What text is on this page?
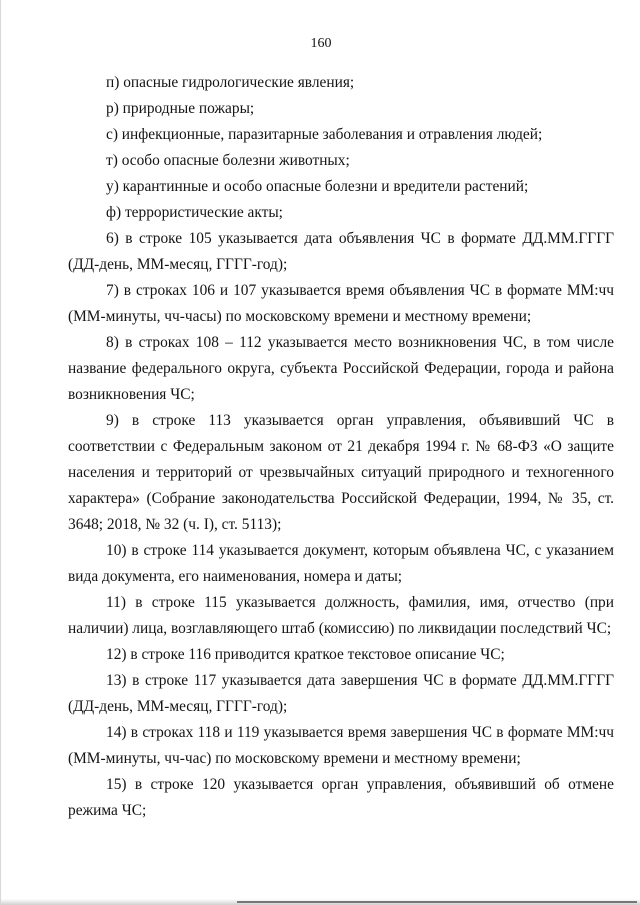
160

п) опасные гидрологические явления;

р) природные пожары;

с) инфекционные, паразитарные заболевания и отравления людей;

т) особо опасные болезни животных;

у) карантинные и особо опасные болезни и вредители растений;

ф) террористические акты;

6) в строке 105 указывается дата объявления ЧС в формате ДД.ММ.ГГГГ (ДД-день, ММ-месяц, ГГГГ-год);

7) в строках 106 и 107 указывается время объявления ЧС в формате ММ:чч (ММ-минуты, чч-часы) по московскому времени и местному времени;

8) в строках 108 – 112 указывается место возникновения ЧС, в том числе название федерального округа, субъекта Российской Федерации, города и района возникновения ЧС;

9) в строке 113 указывается орган управления, объявивший ЧС в соответствии с Федеральным законом от 21 декабря 1994 г. № 68-ФЗ «О защите населения и территорий от чрезвычайных ситуаций природного и техногенного характера» (Собрание законодательства Российской Федерации, 1994, № 35, ст. 3648; 2018, № 32 (ч. I), ст. 5113);

10) в строке 114 указывается документ, которым объявлена ЧС, с указанием вида документа, его наименования, номера и даты;

11) в строке 115 указывается должность, фамилия, имя, отчество (при наличии) лица, возглавляющего штаб (комиссию) по ликвидации последствий ЧС;

12) в строке 116 приводится краткое текстовое описание ЧС;

13) в строке 117 указывается дата завершения ЧС в формате ДД.ММ.ГГГГ (ДД-день, ММ-месяц, ГГГГ-год);

14) в строках 118 и 119 указывается время завершения ЧС в формате ММ:чч (ММ-минуты, чч-час) по московскому времени и местному времени;

15) в строке 120 указывается орган управления, объявивший об отмене режима ЧС;
